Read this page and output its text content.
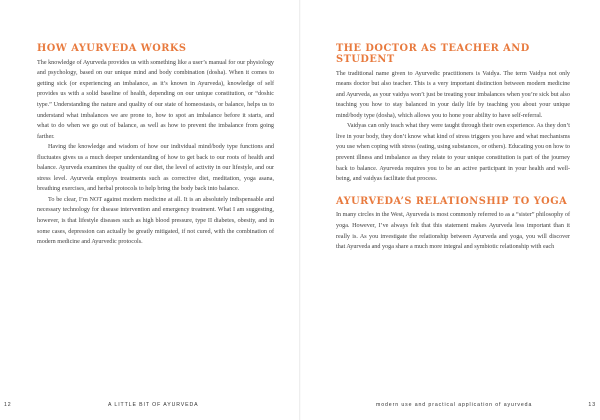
HOW AYURVEDA WORKS

The knowledge of Ayurveda provides us with something like a user’s manual for our physiology and psychology, based on our unique mind and body combination (dosha). When it comes to getting sick (or experiencing an imbalance, as it’s known in Ayurveda), knowledge of self provides us with a solid baseline of health, depending on our unique constitution, or “doshic type.” Understanding the nature and quality of our state of homeostasis, or balance, helps us to understand what imbalances we are prone to, how to spot an imbalance before it starts, and what to do when we go out of balance, as well as how to prevent the imbalance from going farther.

Having the knowledge and wisdom of how our individual mind/body type functions and fluctuates gives us a much deeper understanding of how to get back to our roots of health and balance. Ayurveda examines the quality of our diet, the level of activity in our lifestyle, and our stress level. Ayurveda employs treatments such as corrective diet, meditation, yoga asana, breathing exercises, and herbal protocols to help bring the body back into balance.

To be clear, I’m NOT against modern medicine at all. It is an absolutely indispensable and necessary technology for disease intervention and emergency treatment. What I am suggesting, however, is that lifestyle diseases such as high blood pressure, type II diabetes, obesity, and in some cases, depression can actually be greatly mitigated, if not cured, with the combination of modern medicine and Ayurvedic protocols.

12	A LITTLE BIT OF AYURVEDA
THE DOCTOR AS TEACHER AND STUDENT

The traditional name given to Ayurvedic practitioners is Vaidya. The term Vaidya not only means doctor but also teacher. This is a very important distinction between modern medicine and Ayurveda, as your vaidya won’t just be treating your imbalances when you’re sick but also teaching you how to stay balanced in your daily life by teaching you about your unique mind/body type (dosha), which allows you to hone your ability to have self-referral.

Vaidyas can only teach what they were taught through their own experience. As they don’t live in your body, they don’t know what kind of stress triggers you have and what mechanisms you use when coping with stress (eating, using substances, or others). Educating you on how to prevent illness and imbalance as they relate to your unique constitution is part of the journey back to balance. Ayurveda requires you to be an active participant in your health and well-being, and vaidyas facilitate that process.

AYURVEDA’S RELATIONSHIP TO YOGA

In many circles in the West, Ayurveda is most commonly referred to as a “sister” philosophy of yoga. However, I’ve always felt that this statement makes Ayurveda less important than it really is. As you investigate the relationship between Ayurveda and yoga, you will discover that Ayurveda and yoga share a much more integral and symbiotic relationship with each

modern use and practical application of ayurveda	13
